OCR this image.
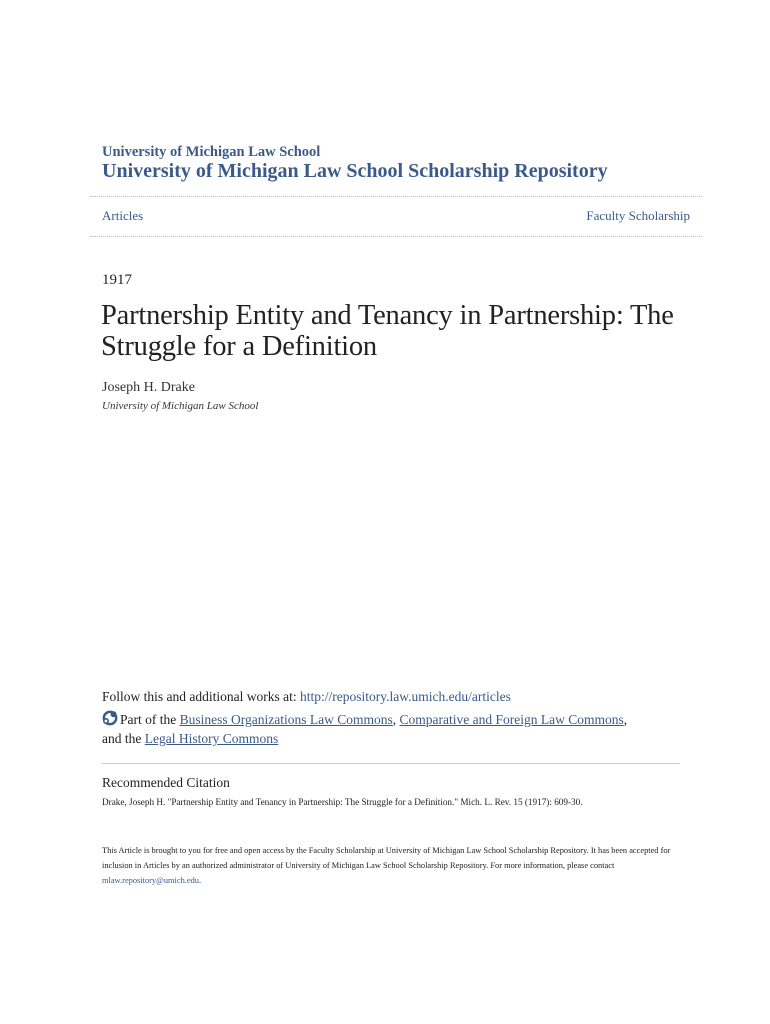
University of Michigan Law School
University of Michigan Law School Scholarship Repository
Articles	Faculty Scholarship
1917
Partnership Entity and Tenancy in Partnership: The Struggle for a Definition
Joseph H. Drake
University of Michigan Law School
Follow this and additional works at: http://repository.law.umich.edu/articles
Part of the Business Organizations Law Commons, Comparative and Foreign Law Commons,
and the Legal History Commons
Recommended Citation
Drake, Joseph H. "Partnership Entity and Tenancy in Partnership: The Struggle for a Definition." Mich. L. Rev. 15 (1917): 609-30.
This Article is brought to you for free and open access by the Faculty Scholarship at University of Michigan Law School Scholarship Repository. It has been accepted for inclusion in Articles by an authorized administrator of University of Michigan Law School Scholarship Repository. For more information, please contact mlaw.repository@umich.edu.
